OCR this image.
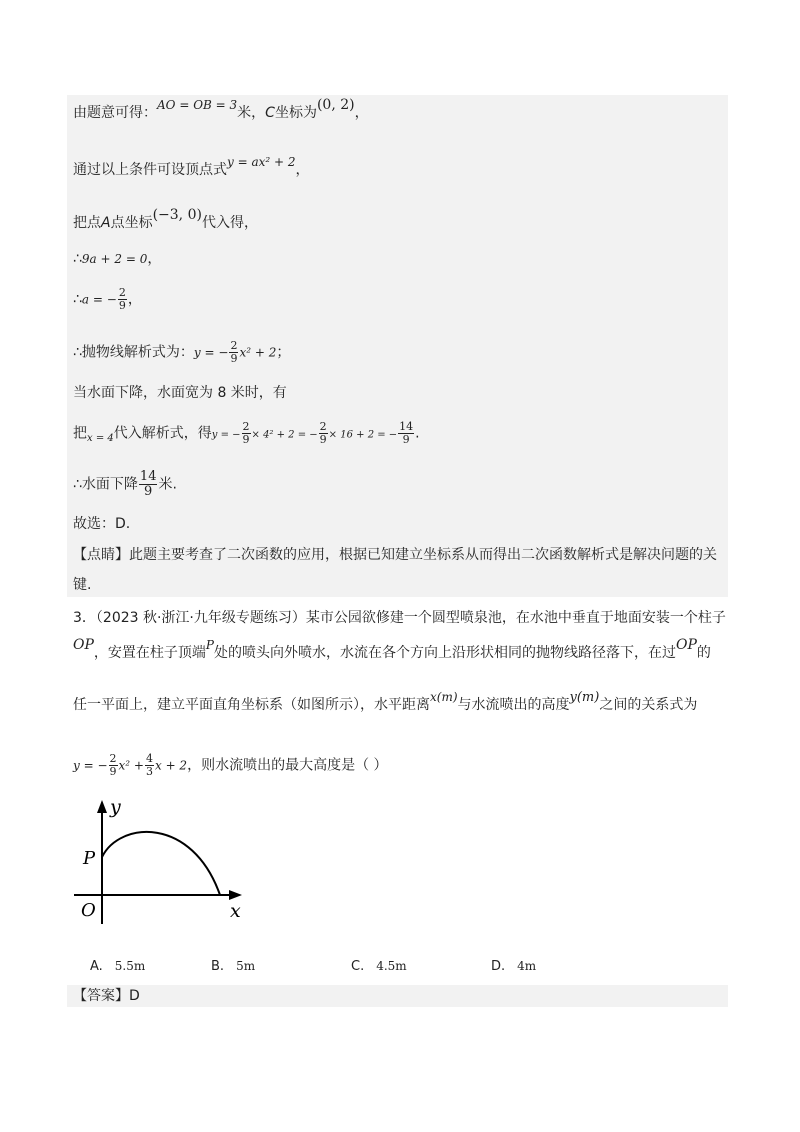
由题意可得：AO = OB = 3米，C坐标为(0, 2)，
通过以上条件可设顶点式y = ax² + 2，
把点A点坐标(−3, 0)代入得，
∴9a + 2 = 0，
∴a = − $\frac{2}{9}$ ，
∴抛物线解析式为：y = − $\frac{2}{9} x^2 + 2$；
当水面下降，水面宽为 8 米时，有
把$_{x = 4}$代入解析式，得y = − $\frac{2}{9} \times 4^2 + 2$ = − $\frac{2}{9} \times 16 + 2$ = − $\frac{14}{9}$ .
∴水面下降 $\frac{14}{9}$ 米.
故选：D.
【点睛】此题主要考查了二次函数的应用，根据已知建立坐标系从而得出二次函数解析式是解决问题的关
键.
3．（2023 秋·浙江·九年级专题练习）某市公园欲修建一个圆型喷泉池，在水池中垂直于地面安装一个柱子
OP，安置在柱子顶端P处的喷头向外喷水，水流在各个方向上沿形状相同的抛物线路径落下，在过OP的
任一平面上，建立平面直角坐标系（如图所示），水平距离x(m)与水流喷出的高度y(m)之间的关系式为
y = − $\frac{2}{9} x^2 + \frac{4}{3}$ x + 2，则水流喷出的最大高度是（ ）
y
P
O	x
A. 5.5m	B. 5m	C. 4.5m	D. 4m
【答案】D
